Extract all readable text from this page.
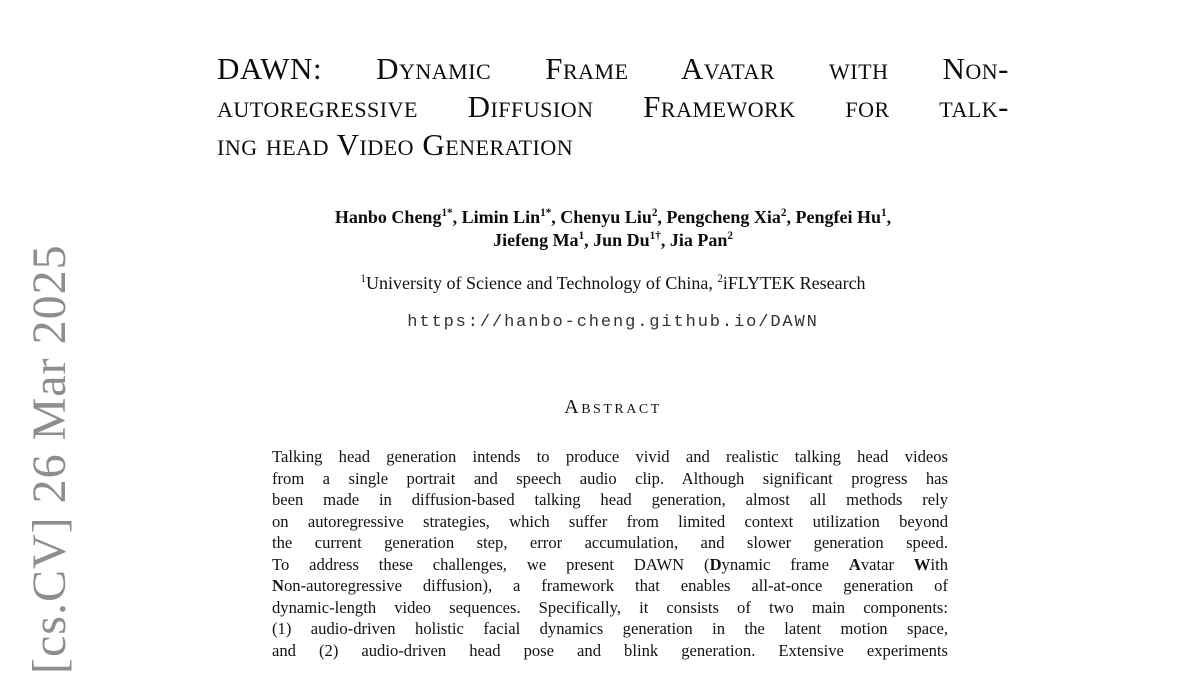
[cs.CV] 26 Mar 2025
DAWN: Dynamic Frame Avatar with Non-
autoregressive Diffusion Framework for talk-
ing head Video Generation
Hanbo Cheng$^{1*}$, Limin Lin$^{1*}$, Chenyu Liu$^2$, Pengcheng Xia$^2$, Pengfei Hu$^1$,
Jiefeng Ma$^1$, Jun $Du^{1\dagger}$, Jia Pan$^2$
$^1$University of Science and Technology of China, $^2$iFLYTEK Research
https://hanbo-cheng.github.io/DAWN
Abstract
Talking head generation intends to produce vivid and realistic talking head videos
from a single portrait and speech audio clip. Although significant progress has
been made in diffusion-based talking head generation, almost all methods rely
on autoregressive strategies, which suffer from limited context utilization beyond
the current generation step, error accumulation, and slower generation speed.
To address these challenges, we present DAWN (Dynamic frame Avatar With
Non-autoregressive diffusion), a framework that enables all-at-once generation of
dynamic-length video sequences. Specifically, it consists of two main components:
(1) audio-driven holistic facial dynamics generation in the latent motion space,
and (2) audio-driven head pose and blink generation. Extensive experiments
